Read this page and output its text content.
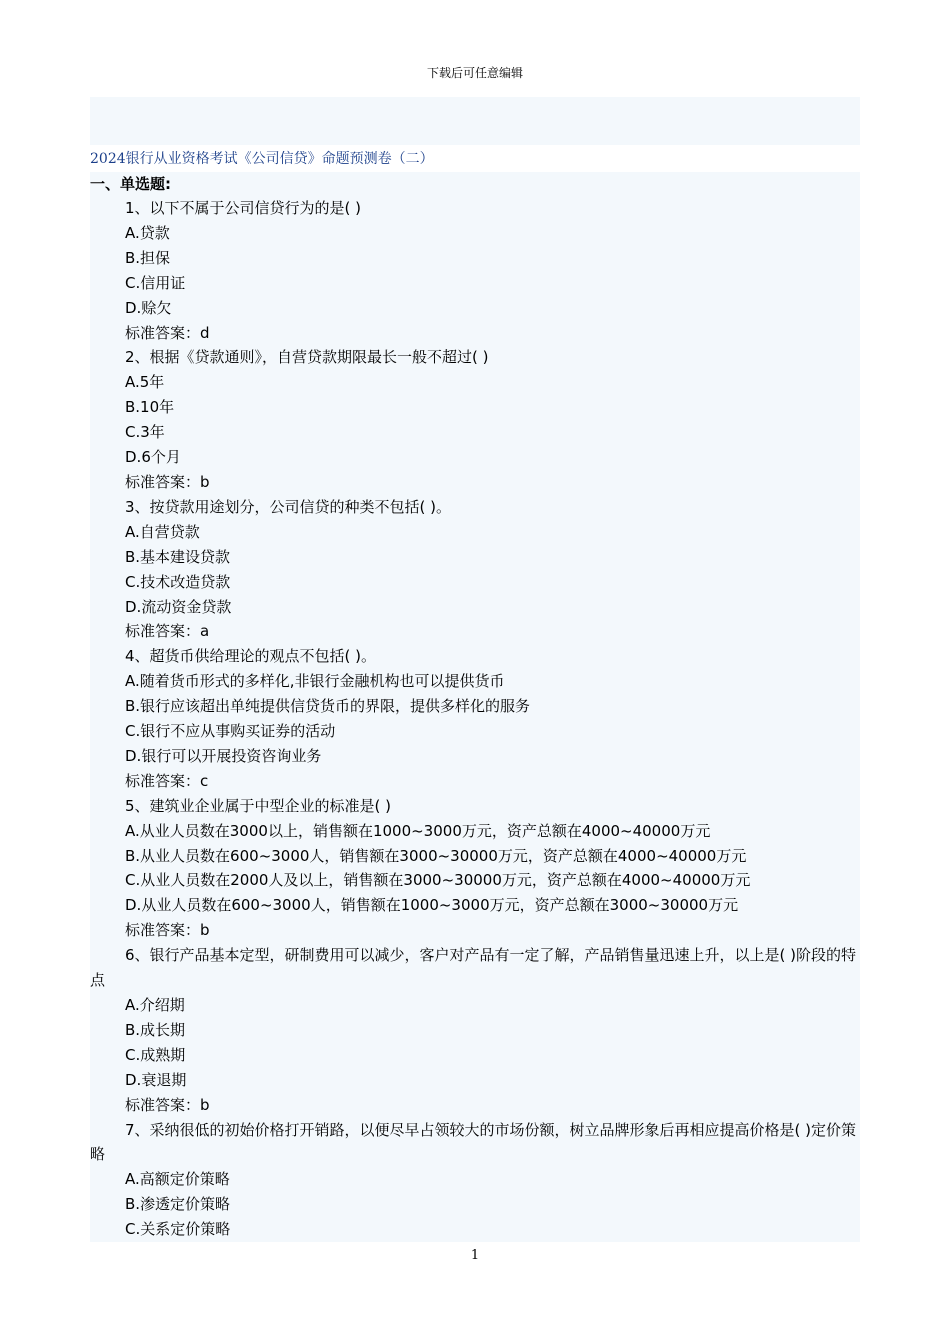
下载后可任意编辑
2024银行从业资格考试《公司信贷》命题预测卷（二）
一、单选题:
1、以下不属于公司信贷行为的是( )
A.贷款
B.担保
C.信用证
D.赊欠
标准答案：d
2、根据《贷款通则》，自营贷款期限最长一般不超过( )
A.5年
B.10年
C.3年
D.6个月
标准答案：b
3、按贷款用途划分，公司信贷的种类不包括( )。
A.自营贷款
B.基本建设贷款
C.技术改造贷款
D.流动资金贷款
标准答案：a
4、超货币供给理论的观点不包括( )。
A.随着货币形式的多样化,非银行金融机构也可以提供货币
B.银行应该超出单纯提供信贷货币的界限，提供多样化的服务
C.银行不应从事购买证券的活动
D.银行可以开展投资咨询业务
标准答案：c
5、建筑业企业属于中型企业的标准是( )
A.从业人员数在3000以上，销售额在1000~3000万元，资产总额在4000~40000万元
B.从业人员数在600~3000人，销售额在3000~30000万元，资产总额在4000~40000万元
C.从业人员数在2000人及以上，销售额在3000~30000万元，资产总额在4000~40000万元
D.从业人员数在600~3000人，销售额在1000~3000万元，资产总额在3000~30000万元
标准答案：b
6、银行产品基本定型，研制费用可以减少，客户对产品有一定了解，产品销售量迅速上升，以上是( )阶段的特点
A.介绍期
B.成长期
C.成熟期
D.衰退期
标准答案：b
7、采纳很低的初始价格打开销路，以便尽早占领较大的市场份额，树立品牌形象后再相应提高价格是( )定价策略
A.高额定价策略
B.渗透定价策略
C.关系定价策略
1
